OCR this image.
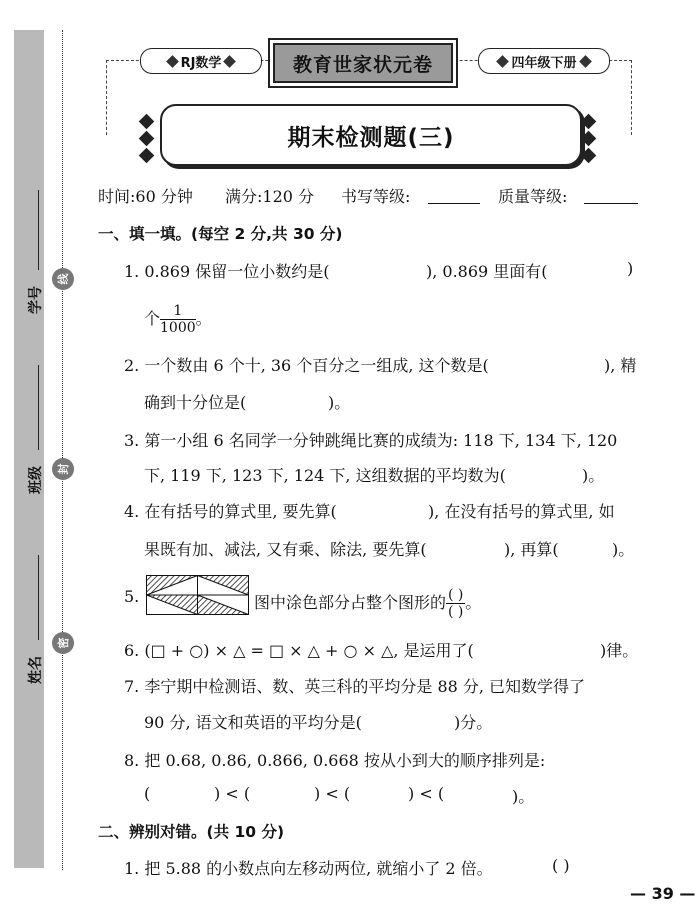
学号
线
班级	封
姓名
密
RJ数学	教育世家状元卷	四年级下册
期末检测题(三)
时间:60 分钟 满分:120 分 书写等级:	质量等级:
一、填一填。(每空 2 分,共 30 分)
1. 0.869 保留一位小数约是(	), 0.869 里面有(	)
个 $\frac{1}{1000}$ 。
2. 一个数由 6 个十, 36 个百分之一组成, 这个数是(	), 精
确到十分位是(	)。
3. 第一小组 6 名同学一分钟跳绳比赛的成绩为: 118 下, 134 下, 120
下, 119 下, 123 下, 124 下, 这组数据的平均数为(	)。
4. 在有括号的算式里, 要先算(	), 在没有括号的算式里, 如
果既有加、减法, 又有乘、除法, 要先算(	), 再算(	)。
5.	图中涂色部分占整个图形的 $\frac{( )}{( )}$ 。
6. (□ + ○) × △ = □ × △ + ○ × △, 是运用了(	)律。
7. 李宁期中检测语、数、英三科的平均分是 88 分, 已知数学得了
90 分, 语文和英语的平均分是(	)分。
8. 把 0.68, 0.86, 0.866, 0.668 按从小到大的顺序排列是:
(	) < (	) < (	) < (	)。
二、辨别对错。(共 10 分)
1. 把 5.88 的小数点向左移动两位, 就缩小了 2 倍。	( )
— 39 —
